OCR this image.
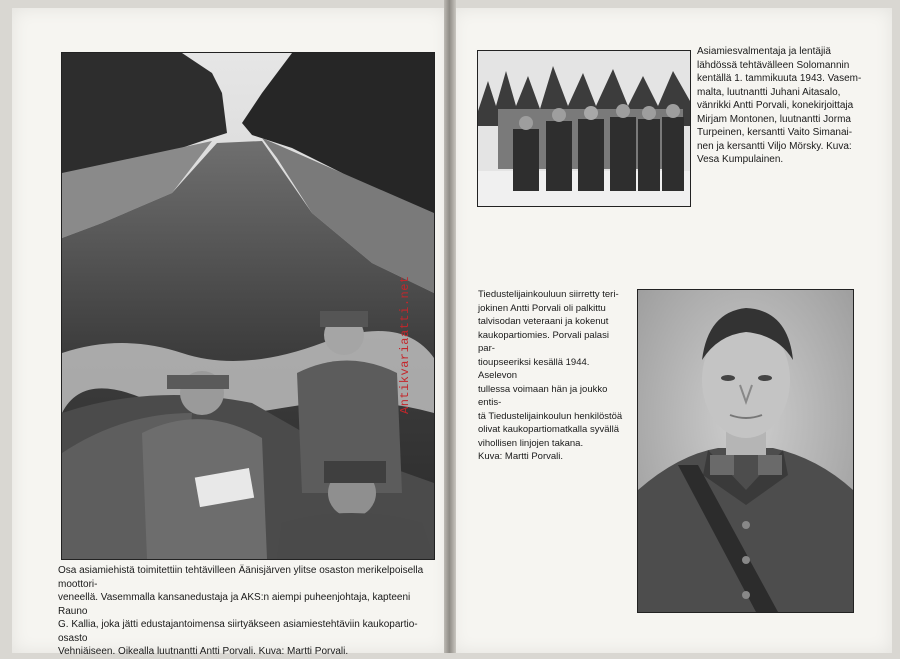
Antikvariaatti.net
Osa asiamiehistä toimitettiin tehtävilleen Äänisjärven ylitse osaston merikelpoisella moottori-
veneellä. Vasemmalla kansanedustaja ja AKS:n aiempi puheenjohtaja, kapteeni Rauno
G. Kallia, joka jätti edustajantoimensa siirtyäkseen asiamiestehtäviin kaukopartio-osasto
Vehniäiseen. Oikealla luutnantti Antti Porvali. Kuva: Martti Porvali.
Asiamiesvalmentaja ja lentäjiä
lähdössä tehtävälleen Solomannin
kentällä 1. tammikuuta 1943. Vasem-
malta, luutnantti Juhani Aitasalo,
vänrikki Antti Porvali, konekirjoittaja
Mirjam Montonen, luutnantti Jorma
Turpeinen, kersantti Vaito Simanai-
nen ja kersantti Viljo Mörsky. Kuva:
Vesa Kumpulainen.
Tiedustelijainkouluun siirretty teri-
jokinen Antti Porvali oli palkittu
talvisodan veteraani ja kokenut
kaukopartiomies. Porvali palasi par-
tioupseeriksi kesällä 1944. Aselevon
tullessa voimaan hän ja joukko entis-
tä Tiedustelijainkoulun henkilöstöä
olivat kaukopartiomatkalla syvällä
vihollisen linjojen takana.
Kuva: Martti Porvali.
